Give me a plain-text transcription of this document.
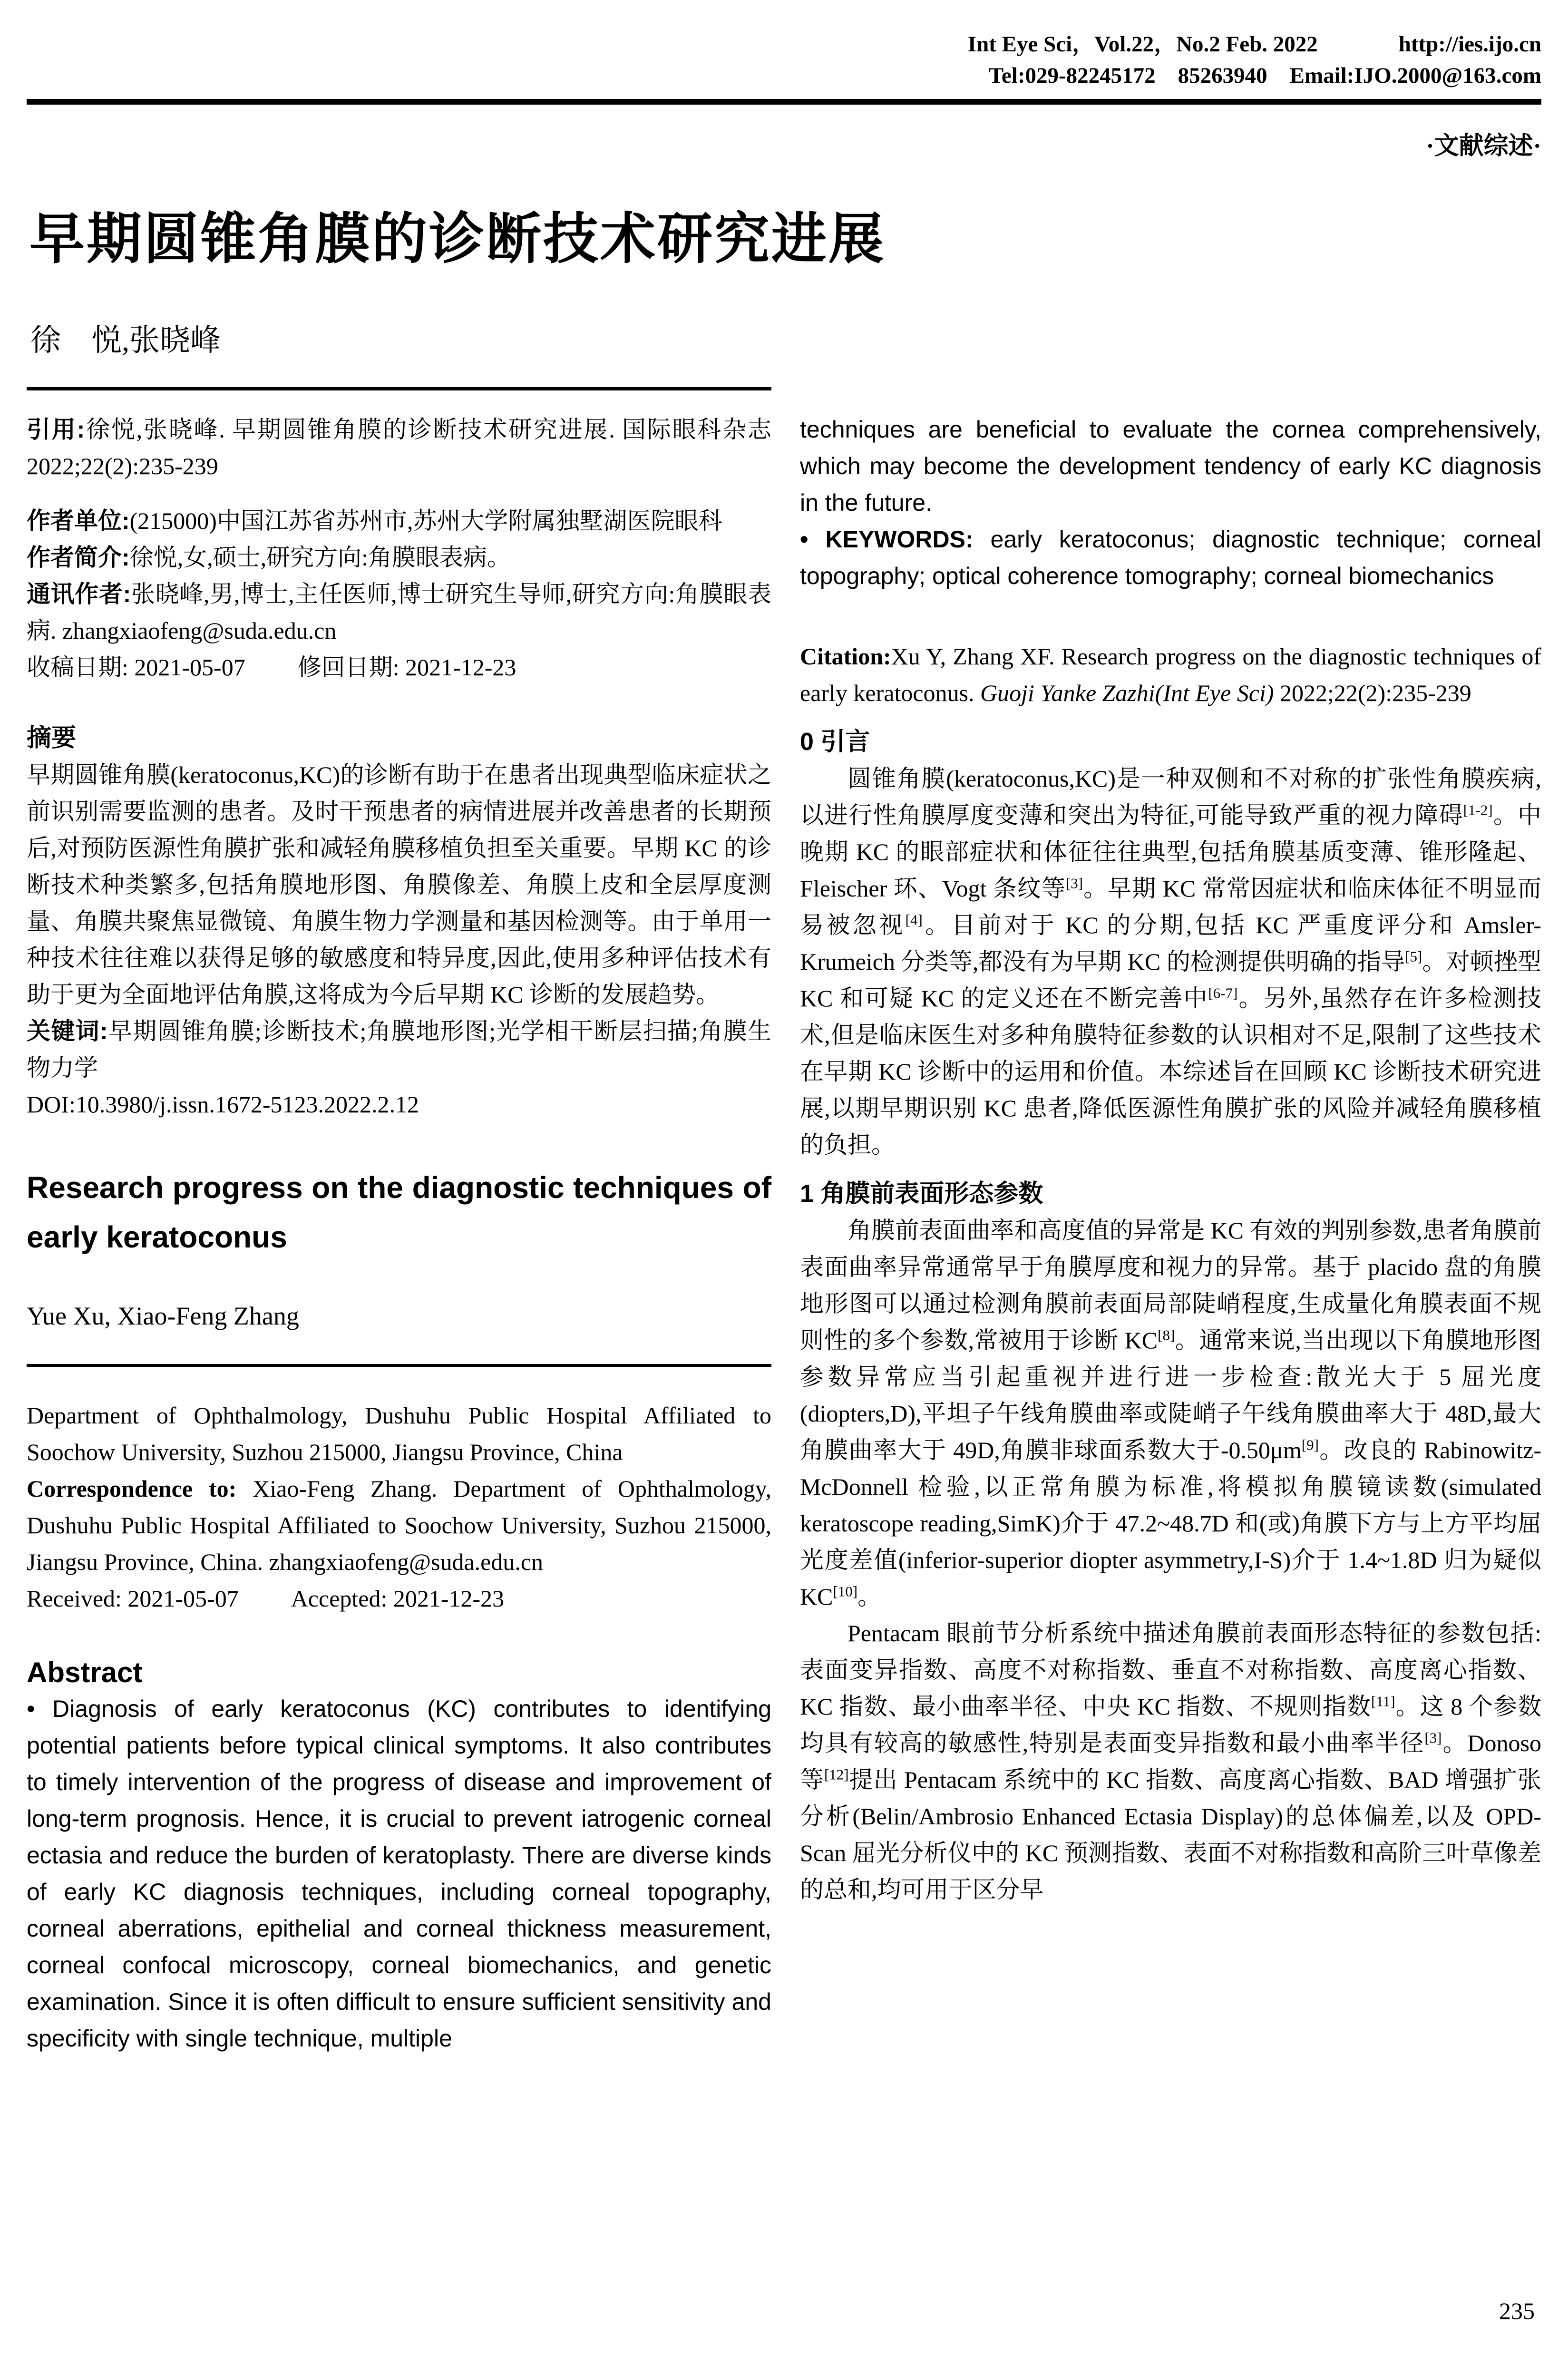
Int Eye Sci，Vol.22，No.2 Feb. 2022	http://ies.ijo.cn
Tel:029-82245172　85263940　Email:IJO.2000@163.com
·文献综述·
早期圆锥角膜的诊断技术研究进展
徐　悦,张晓峰

引用:徐悦,张晓峰. 早期圆锥角膜的诊断技术研究进展. 国际眼科杂志 2022;22(2):235-239

作者单位:(215000)中国江苏省苏州市,苏州大学附属独墅湖医院眼科

作者简介:徐悦,女,硕士,研究方向:角膜眼表病。

通讯作者:张晓峰,男,博士,主任医师,博士研究生导师,研究方向:角膜眼表病. zhangxiaofeng@suda.edu.cn

收稿日期: 2021-05-07 修回日期: 2021-12-23

摘要

早期圆锥角膜(keratoconus,KC)的诊断有助于在患者出现典型临床症状之前识别需要监测的患者。及时干预患者的病情进展并改善患者的长期预后,对预防医源性角膜扩张和减轻角膜移植负担至关重要。早期 KC 的诊断技术种类繁多,包括角膜地形图、角膜像差、角膜上皮和全层厚度测量、角膜共聚焦显微镜、角膜生物力学测量和基因检测等。由于单用一种技术往往难以获得足够的敏感度和特异度,因此,使用多种评估技术有助于更为全面地评估角膜,这将成为今后早期 KC 诊断的发展趋势。

关键词:早期圆锥角膜;诊断技术;角膜地形图;光学相干断层扫描;角膜生物力学

DOI:10.3980/j.issn.1672-5123.2022.2.12

Research progress on the diagnostic techniques of early keratoconus

Yue Xu, Xiao-Feng Zhang

Department of Ophthalmology, Dushuhu Public Hospital Affiliated to Soochow University, Suzhou 215000, Jiangsu Province, China

Correspondence to: Xiao-Feng Zhang. Department of Ophthalmology, Dushuhu Public Hospital Affiliated to Soochow University, Suzhou 215000, Jiangsu Province, China. zhangxiaofeng@suda.edu.cn

Received: 2021-05-07 Accepted: 2021-12-23

Abstract

• Diagnosis of early keratoconus (KC) contributes to identifying potential patients before typical clinical symptoms. It also contributes to timely intervention of the progress of disease and improvement of long-term prognosis. Hence, it is crucial to prevent iatrogenic corneal ectasia and reduce the burden of keratoplasty. There are diverse kinds of early KC diagnosis techniques, including corneal topography, corneal aberrations, epithelial and corneal thickness measurement, corneal confocal microscopy, corneal biomechanics, and genetic examination. Since it is often difficult to ensure sufficient sensitivity and specificity with single technique, multiple

techniques are beneficial to evaluate the cornea comprehensively, which may become the development tendency of early KC diagnosis in the future.

• KEYWORDS: early keratoconus; diagnostic technique; corneal topography; optical coherence tomography; corneal biomechanics

Citation:Xu Y, Zhang XF. Research progress on the diagnostic techniques of early keratoconus. Guoji Yanke Zazhi(Int Eye Sci) 2022;22(2):235-239

0 引言

圆锥角膜(keratoconus,KC)是一种双侧和不对称的扩张性角膜疾病,以进行性角膜厚度变薄和突出为特征,可能导致严重的视力障碍[1-2]。中晚期 KC 的眼部症状和体征往往典型,包括角膜基质变薄、锥形隆起、Fleischer 环、Vogt 条纹等[3]。早期 KC 常常因症状和临床体征不明显而易被忽视[4]。目前对于 KC 的分期,包括 KC 严重度评分和 Amsler-Krumeich 分类等,都没有为早期 KC 的检测提供明确的指导[5]。对顿挫型 KC 和可疑 KC 的定义还在不断完善中[6-7]。另外,虽然存在许多检测技术,但是临床医生对多种角膜特征参数的认识相对不足,限制了这些技术在早期 KC 诊断中的运用和价值。本综述旨在回顾 KC 诊断技术研究进展,以期早期识别 KC 患者,降低医源性角膜扩张的风险并减轻角膜移植的负担。

1 角膜前表面形态参数

角膜前表面曲率和高度值的异常是 KC 有效的判别参数,患者角膜前表面曲率异常通常早于角膜厚度和视力的异常。基于 placido 盘的角膜地形图可以通过检测角膜前表面局部陡峭程度,生成量化角膜表面不规则性的多个参数,常被用于诊断 KC[8]。通常来说,当出现以下角膜地形图参数异常应当引起重视并进行进一步检查:散光大于 5 屈光度(diopters,D),平坦子午线角膜曲率或陡峭子午线角膜曲率大于 48D,最大角膜曲率大于 49D,角膜非球面系数大于-0.50μm[9]。改良的 Rabinowitz-McDonnell 检验,以正常角膜为标准,将模拟角膜镜读数(simulated keratoscope reading,SimK)介于 47.2~48.7D 和(或)角膜下方与上方平均屈光度差值(inferior-superior diopter asymmetry,I-S)介于 1.4~1.8D 归为疑似 KC[10]。

Pentacam 眼前节分析系统中描述角膜前表面形态特征的参数包括:表面变异指数、高度不对称指数、垂直不对称指数、高度离心指数、KC 指数、最小曲率半径、中央 KC 指数、不规则指数[11]。这 8 个参数均具有较高的敏感性,特别是表面变异指数和最小曲率半径[3]。Donoso 等[12]提出 Pentacam 系统中的 KC 指数、高度离心指数、BAD 增强扩张分析(Belin/Ambrosio Enhanced Ectasia Display)的总体偏差,以及 OPD-Scan 屈光分析仪中的 KC 预测指数、表面不对称指数和高阶三叶草像差的总和,均可用于区分早

235
